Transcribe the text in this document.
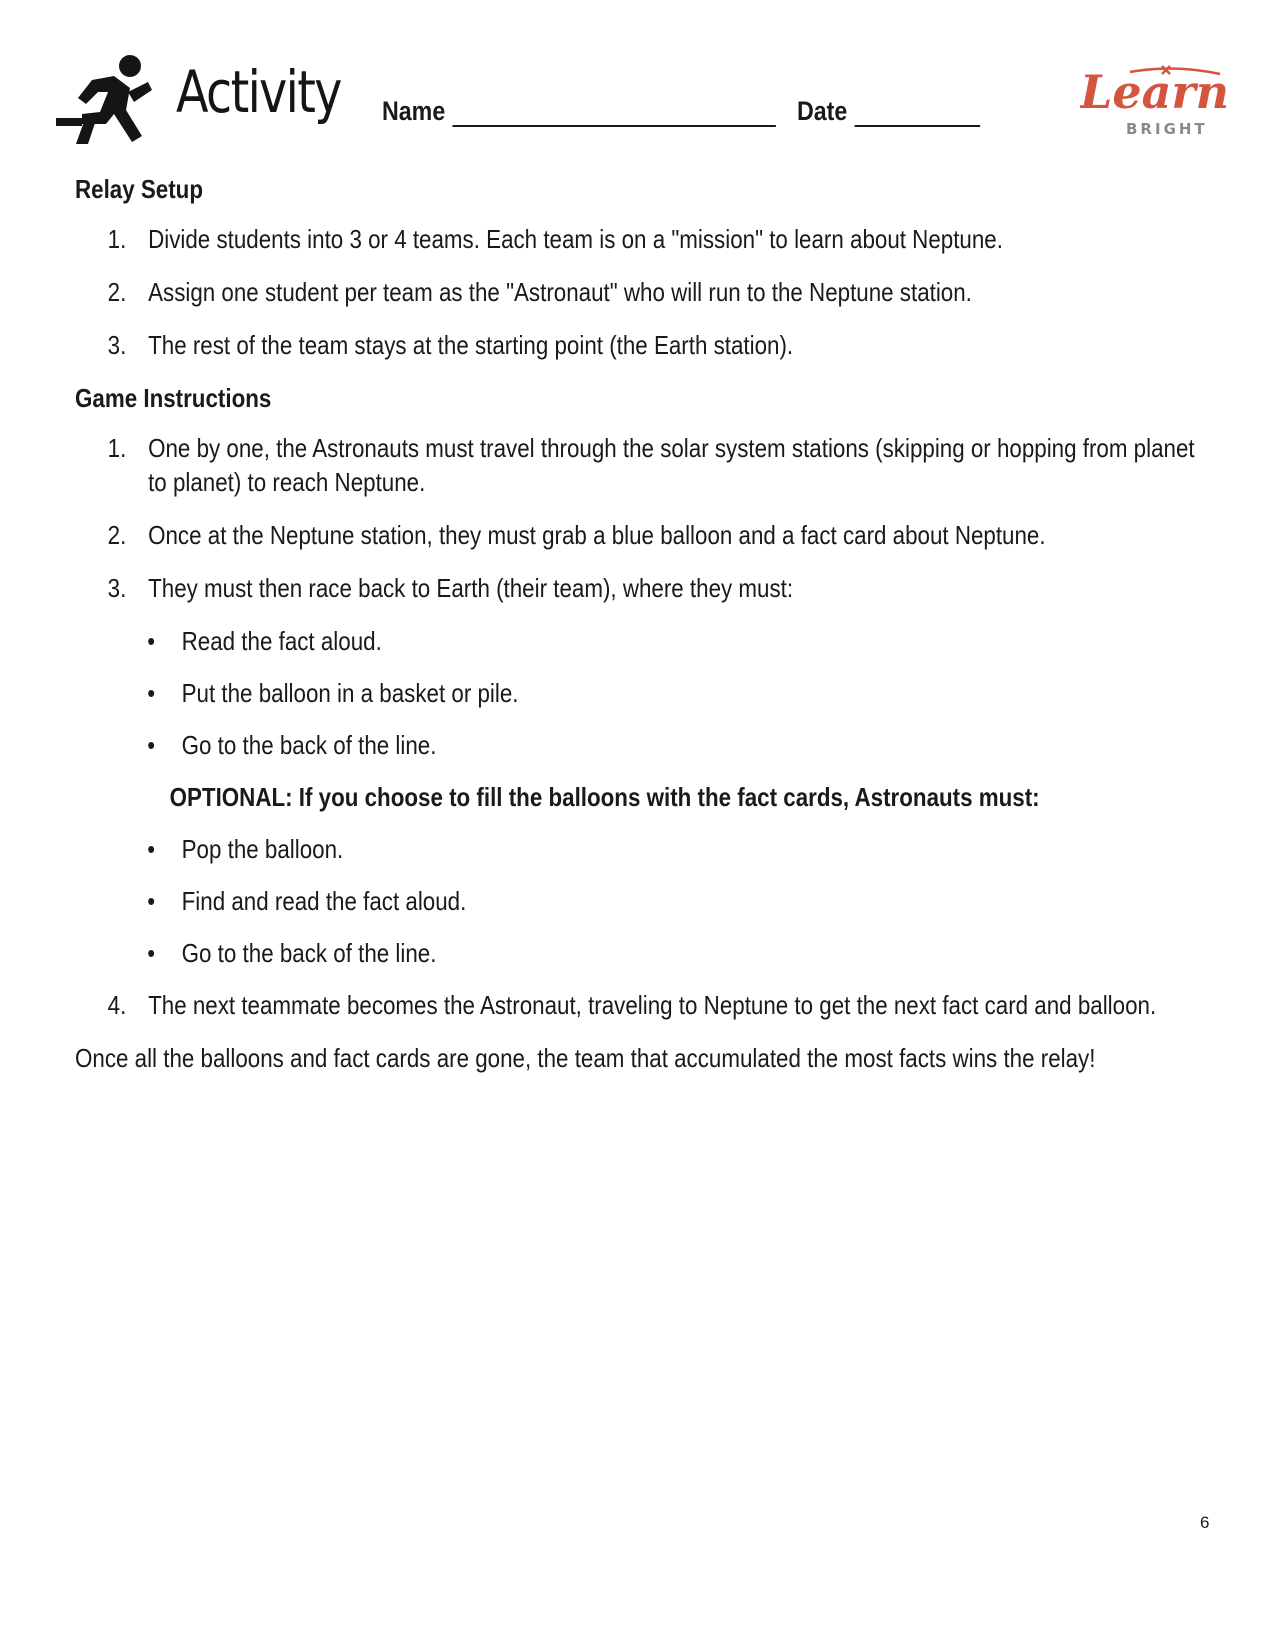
Activity Name	Date	Learn
BRIGHT
Relay Setup
1. Divide students into 3 or 4 teams. Each team is on a "mission" to learn about Neptune.
2. Assign one student per team as the "Astronaut" who will run to the Neptune station.
3. The rest of the team stays at the starting point (the Earth station).
Game Instructions
1. One by one, the Astronauts must travel through the solar system stations (skipping or hopping from planet to planet) to reach Neptune.
2. Once at the Neptune station, they must grab a blue balloon and a fact card about Neptune.
3. They must then race back to Earth (their team), where they must:
• Read the fact aloud.
• Put the balloon in a basket or pile.
• Go to the back of the line.
OPTIONAL: If you choose to fill the balloons with the fact cards, Astronauts must:
• Pop the balloon.
• Find and read the fact aloud.
• Go to the back of the line.
4. The next teammate becomes the Astronaut, traveling to Neptune to get the next fact card and balloon.

Once all the balloons and fact cards are gone, the team that accumulated the most facts wins the relay!

6
